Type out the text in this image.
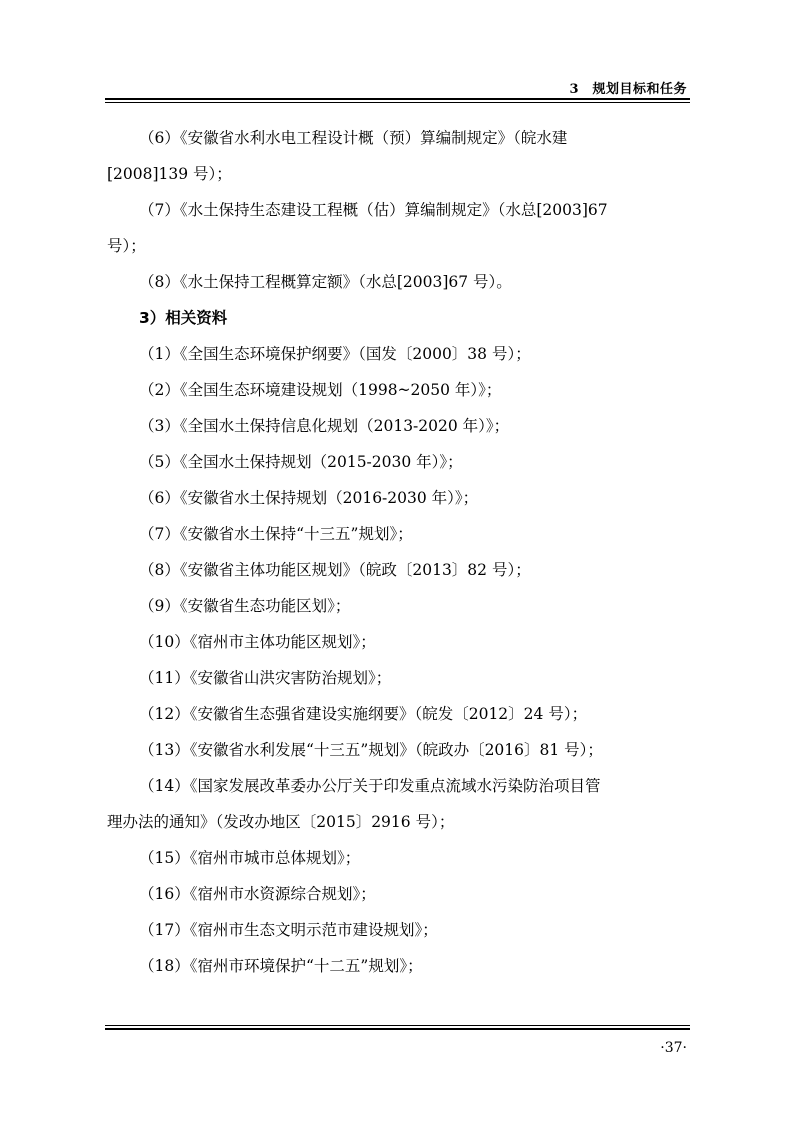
3　规划目标和任务
（6）《安徽省水利水电工程设计概（预）算编制规定》（皖水建
[2008]139 号）；
（7）《水土保持生态建设工程概（估）算编制规定》（水总[2003]67
号）；
（8）《水土保持工程概算定额》（水总[2003]67 号）。
3）相关资料
（1）《全国生态环境保护纲要》（国发〔2000〕38 号）；
（2）《全国生态环境建设规划（1998~2050 年）》；
（3）《全国水土保持信息化规划（2013-2020 年）》；
（5）《全国水土保持规划（2015-2030 年）》；
（6）《安徽省水土保持规划（2016-2030 年）》；
（7）《安徽省水土保持“十三五”规划》；
（8）《安徽省主体功能区规划》（皖政〔2013〕82 号）；
（9）《安徽省生态功能区划》；
（10）《宿州市主体功能区规划》；
（11）《安徽省山洪灾害防治规划》；
（12）《安徽省生态强省建设实施纲要》（皖发〔2012〕24 号）；
（13）《安徽省水利发展“十三五”规划》（皖政办〔2016〕81 号）；
（14）《国家发展改革委办公厅关于印发重点流域水污染防治项目管
理办法的通知》（发改办地区〔2015〕2916 号）；
（15）《宿州市城市总体规划》；
（16）《宿州市水资源综合规划》；
（17）《宿州市生态文明示范市建设规划》；
（18）《宿州市环境保护“十二五”规划》；
·37·
